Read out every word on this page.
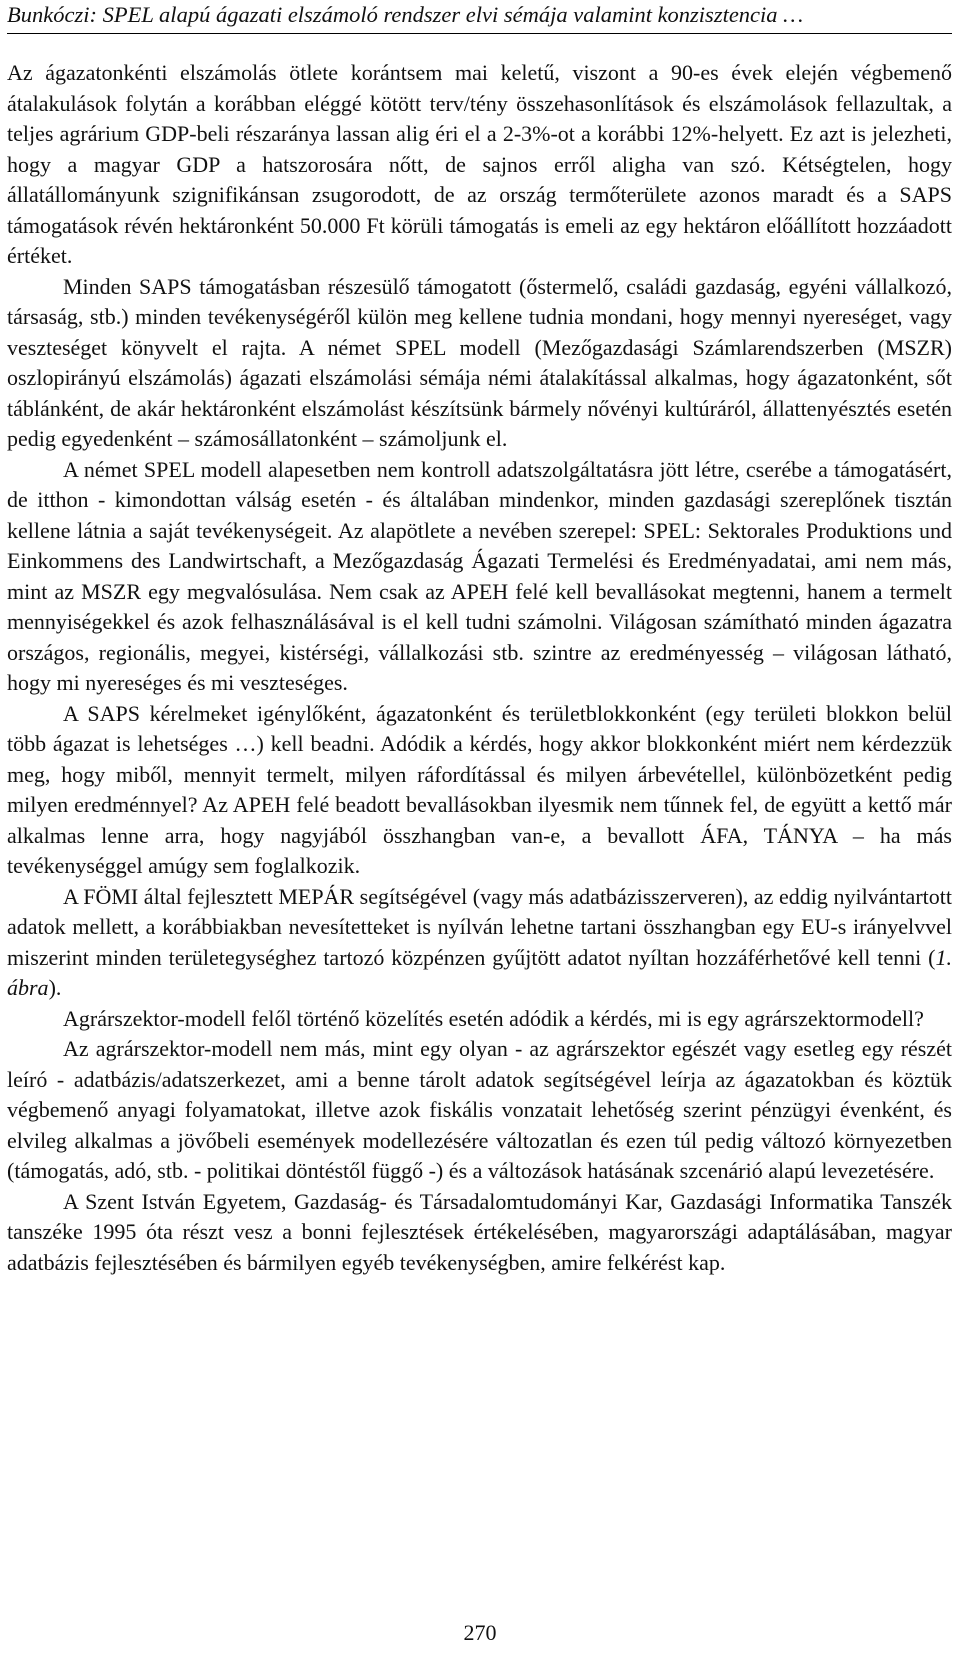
Bunkóczi: SPEL alapú ágazati elszámoló rendszer elvi sémája valamint konzisztencia …

Az ágazatonkénti elszámolás ötlete korántsem mai keletű, viszont a 90-es évek elején végbemenő átalakulások folytán a korábban eléggé kötött terv/tény összehasonlítások és elszámolások fellazultak, a teljes agrárium GDP-beli részaránya lassan alig éri el a 2-3%-ot a korábbi 12%-helyett. Ez azt is jelezheti, hogy a magyar GDP a hatszorosára nőtt, de sajnos erről aligha van szó. Kétségtelen, hogy állatállományunk szignifikánsan zsugorodott, de az ország termőterülete azonos maradt és a SAPS támogatások révén hektáronként 50.000 Ft körüli támogatás is emeli az egy hektáron előállított hozzáadott értéket.

Minden SAPS támogatásban részesülő támogatott (őstermelő, családi gazdaság, egyéni vállalkozó, társaság, stb.) minden tevékenységéről külön meg kellene tudnia mondani, hogy mennyi nyereséget, vagy veszteséget könyvelt el rajta. A német SPEL modell (Mezőgazdasági Számlarendszerben (MSZR) oszlopirányú elszámolás) ágazati elszámolási sémája némi átalakítással alkalmas, hogy ágazatonként, sőt táblánként, de akár hektáronként elszámolást készítsünk bármely nővényi kultúráról, állattenyésztés esetén pedig egyedenként – számosállatonként – számoljunk el.

A német SPEL modell alapesetben nem kontroll adatszolgáltatásra jött létre, cserébe a támogatásért, de itthon - kimondottan válság esetén - és általában mindenkor, minden gazdasági szereplőnek tisztán kellene látnia a saját tevékenységeit. Az alapötlete a nevében szerepel: SPEL: Sektorales Produktions und Einkommens des Landwirtschaft, a Mezőgazdaság Ágazati Termelési és Eredményadatai, ami nem más, mint az MSZR egy megvalósulása. Nem csak az APEH felé kell bevallásokat megtenni, hanem a termelt mennyiségekkel és azok felhasználásával is el kell tudni számolni. Világosan számítható minden ágazatra országos, regionális, megyei, kistérségi, vállalkozási stb. szintre az eredményesség – világosan látható, hogy mi nyereséges és mi veszteséges.

A SAPS kérelmeket igénylőként, ágazatonként és területblokkonként (egy területi blokkon belül több ágazat is lehetséges …) kell beadni. Adódik a kérdés, hogy akkor blokkonként miért nem kérdezzük meg, hogy miből, mennyit termelt, milyen ráfordítással és milyen árbevétellel, különbözetként pedig milyen eredménnyel? Az APEH felé beadott bevallásokban ilyesmik nem tűnnek fel, de együtt a kettő már alkalmas lenne arra, hogy nagyjából összhangban van-e, a bevallott ÁFA, TÁNYA – ha más tevékenységgel amúgy sem foglalkozik.

A FÖMI által fejlesztett MEPÁR segítségével (vagy más adatbázisszerveren), az eddig nyilvántartott adatok mellett, a korábbiakban nevesítetteket is nyílván lehetne tartani összhangban egy EU-s irányelvvel miszerint minden területegységhez tartozó közpénzen gyűjtött adatot nyíltan hozzáférhetővé kell tenni (1. ábra).

Agrárszektor-modell felől történő közelítés esetén adódik a kérdés, mi is egy agrárszektormodell?

Az agrárszektor-modell nem más, mint egy olyan - az agrárszektor egészét vagy esetleg egy részét leíró - adatbázis/adatszerkezet, ami a benne tárolt adatok segítségével leírja az ágazatokban és köztük végbemenő anyagi folyamatokat, illetve azok fiskális vonzatait lehetőség szerint pénzügyi évenként, és elvileg alkalmas a jövőbeli események modellezésére változatlan és ezen túl pedig változó környezetben (támogatás, adó, stb. - politikai döntéstől függő -) és a változások hatásának szcenárió alapú levezetésére.

A Szent István Egyetem, Gazdaság- és Társadalomtudományi Kar, Gazdasági Informatika Tanszék tanszéke 1995 óta részt vesz a bonni fejlesztések értékelésében, magyarországi adaptálásában, magyar adatbázis fejlesztésében és bármilyen egyéb tevékenységben, amire felkérést kap.

270
